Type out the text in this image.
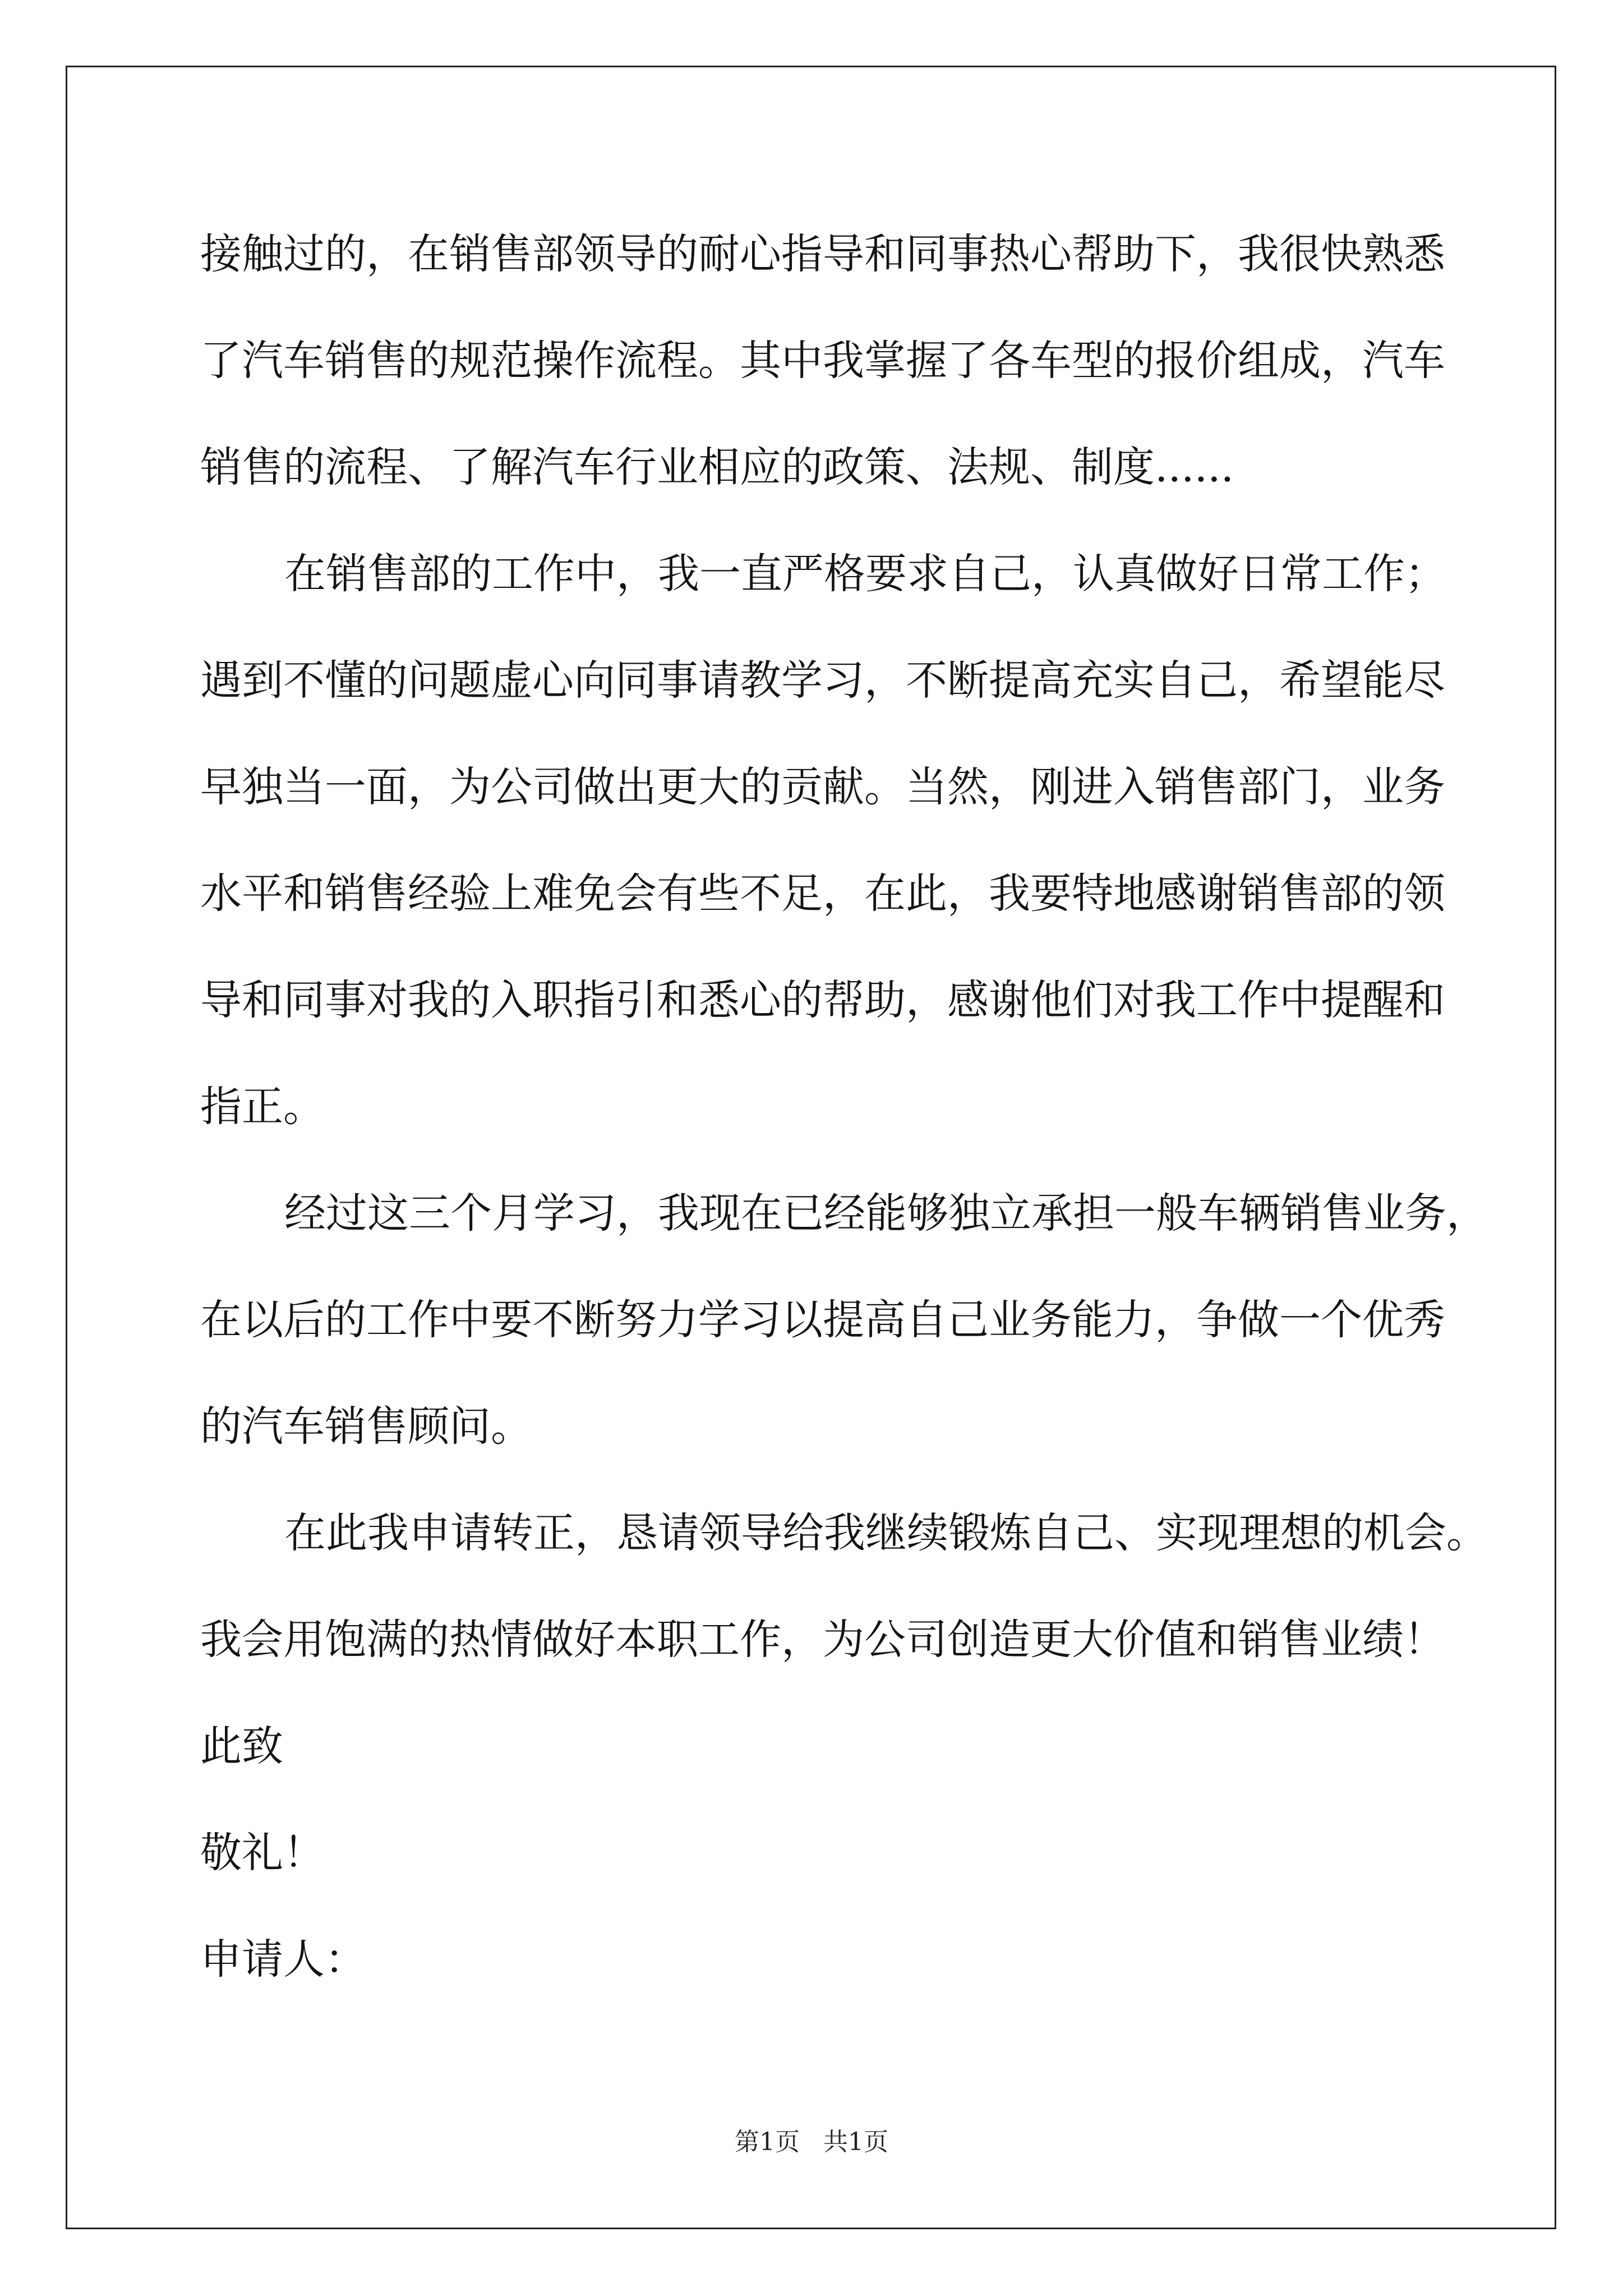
接触过的，在销售部领导的耐心指导和同事热心帮助下，我很快熟悉

了汽车销售的规范操作流程。其中我掌握了各车型的报价组成，汽车

销售的流程、了解汽车行业相应的政策、法规、制度......

在销售部的工作中，我一直严格要求自己，认真做好日常工作；

遇到不懂的问题虚心向同事请教学习，不断提高充实自己，希望能尽

早独当一面，为公司做出更大的贡献。当然，刚进入销售部门，业务

水平和销售经验上难免会有些不足，在此，我要特地感谢销售部的领

导和同事对我的入职指引和悉心的帮助，感谢他们对我工作中提醒和

指正。

经过这三个月学习，我现在已经能够独立承担一般车辆销售业务，

在以后的工作中要不断努力学习以提高自己业务能力，争做一个优秀

的汽车销售顾问。

在此我申请转正，恳请领导给我继续锻炼自己、实现理想的机会。

我会用饱满的热情做好本职工作，为公司创造更大价值和销售业绩！

此致

敬礼！

申请人：

第1页   共1页
